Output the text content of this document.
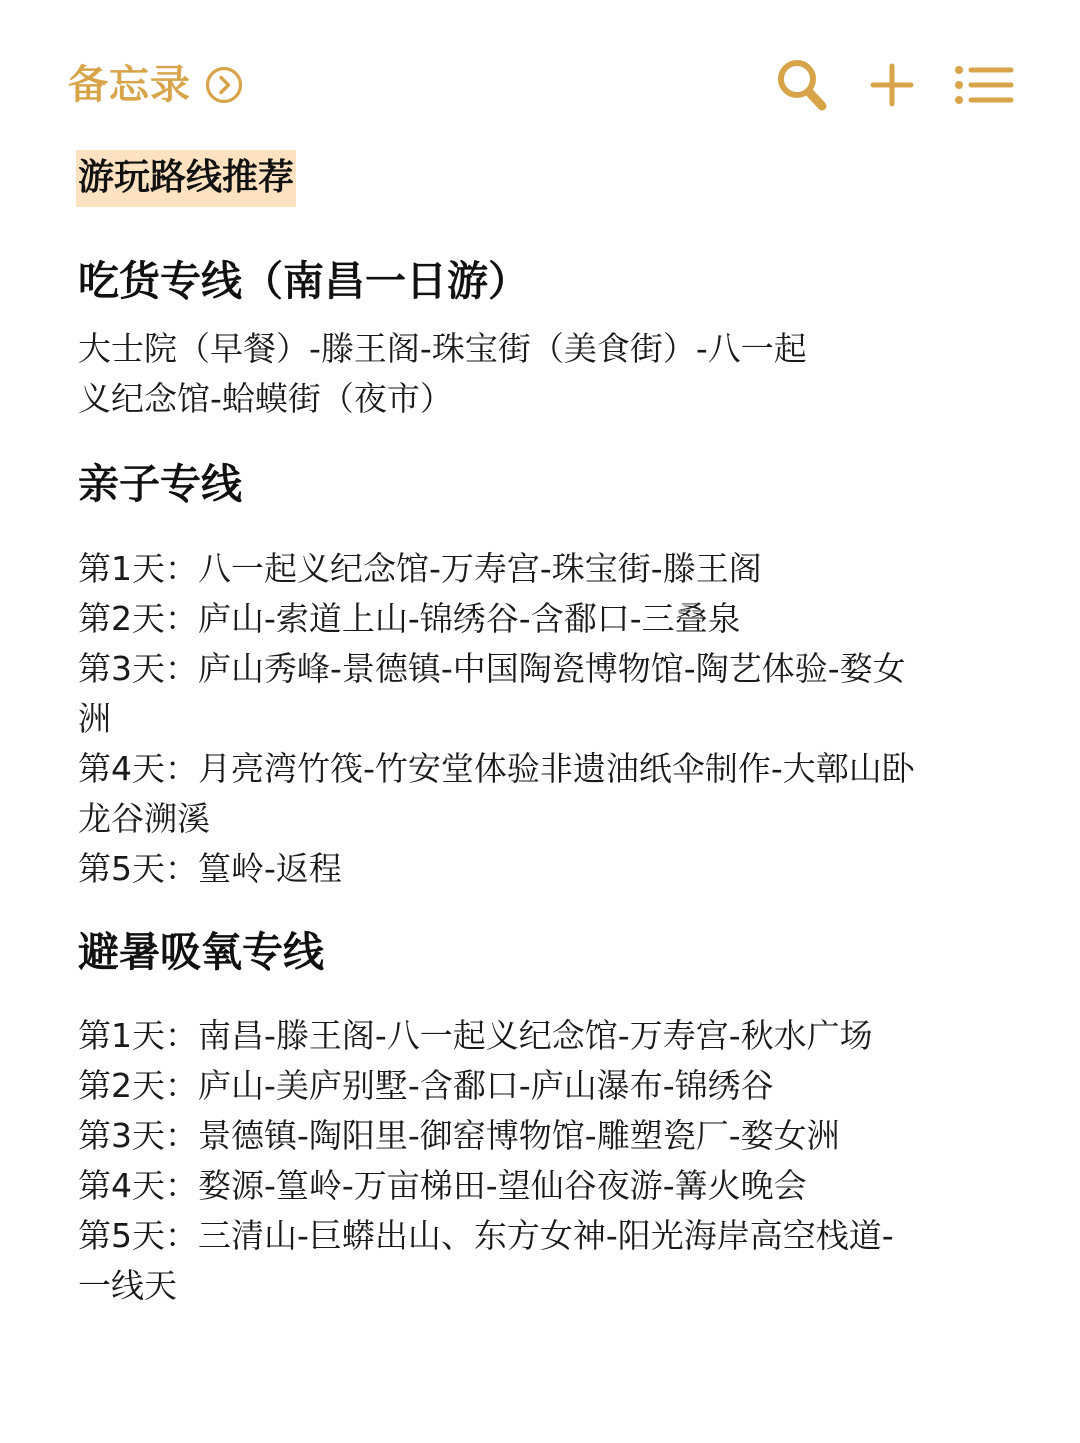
备忘录
游玩路线推荐
吃货专线（南昌一日游）
大士院（早餐）-滕王阁-珠宝街（美食街）-八一起
义纪念馆-蛤蟆街（夜市）
亲子专线
第1天：八一起义纪念馆-万寿宫-珠宝街-滕王阁
第2天：庐山-索道上山-锦绣谷-含鄱口-三叠泉
第3天：庐山秀峰-景德镇-中国陶瓷博物馆-陶艺体验-婺女
洲
第4天：月亮湾竹筏-竹安堂体验非遗油纸伞制作-大鄣山卧
龙谷溯溪
第5天：篁岭-返程
避暑吸氧专线
第1天：南昌-滕王阁-八一起义纪念馆-万寿宫-秋水广场
第2天：庐山-美庐别墅-含鄱口-庐山瀑布-锦绣谷
第3天：景德镇-陶阳里-御窑博物馆-雕塑瓷厂-婺女洲
第4天：婺源-篁岭-万亩梯田-望仙谷夜游-篝火晚会
第5天：三清山-巨蟒出山、东方女神-阳光海岸高空栈道-
一线天
